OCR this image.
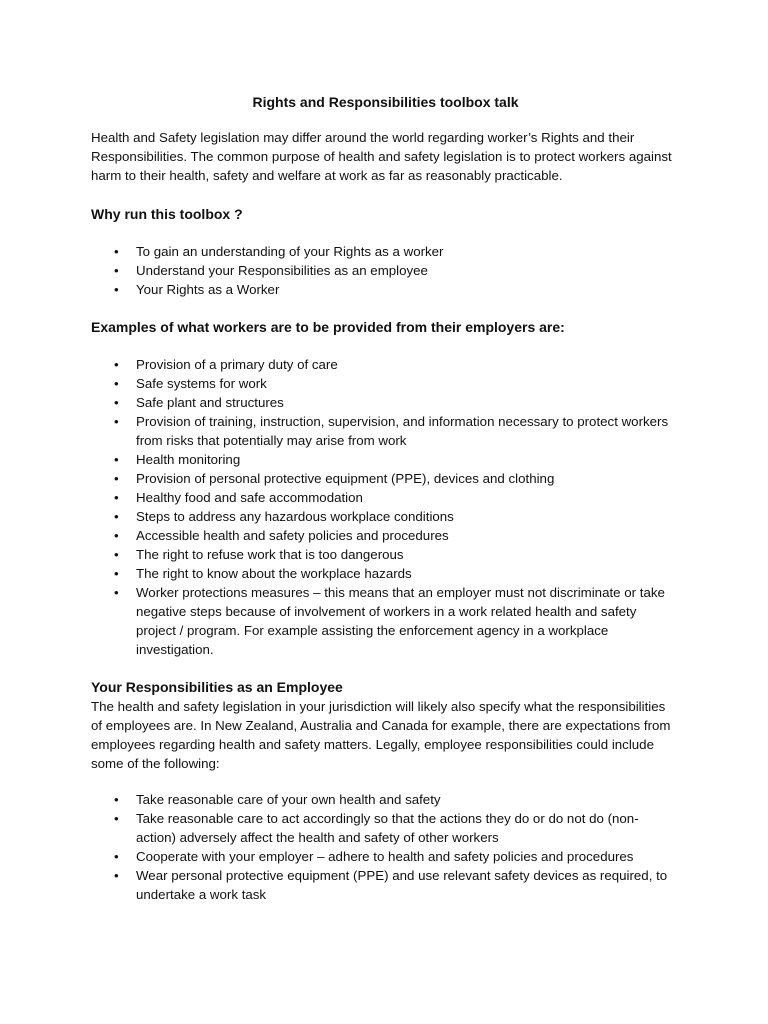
Rights and Responsibilities toolbox talk

Health and Safety legislation may differ around the world regarding worker’s Rights and their Responsibilities. The common purpose of health and safety legislation is to protect workers against harm to their health, safety and welfare at work as far as reasonably practicable.

Why run this toolbox ?
• To gain an understanding of your Rights as a worker
• Understand your Responsibilities as an employee
• Your Rights as a Worker
Examples of what workers are to be provided from their employers are:
• Provision of a primary duty of care
• Safe systems for work
• Safe plant and structures
• Provision of training, instruction, supervision, and information necessary to protect workers from risks that potentially may arise from work
• Health monitoring
• Provision of personal protective equipment (PPE), devices and clothing
• Healthy food and safe accommodation
• Steps to address any hazardous workplace conditions
• Accessible health and safety policies and procedures
• The right to refuse work that is too dangerous
• The right to know about the workplace hazards
• Worker protections measures – this means that an employer must not discriminate or take negative steps because of involvement of workers in a work related health and safety project / program. For example assisting the enforcement agency in a workplace investigation.
Your Responsibilities as an Employee

The health and safety legislation in your jurisdiction will likely also specify what the responsibilities of employees are. In New Zealand, Australia and Canada for example, there are expectations from employees regarding health and safety matters. Legally, employee responsibilities could include some of the following:

• Take reasonable care of your own health and safety
• Take reasonable care to act accordingly so that the actions they do or do not do (non-action) adversely affect the health and safety of other workers
• Cooperate with your employer – adhere to health and safety policies and procedures
• Wear personal protective equipment (PPE) and use relevant safety devices as required, to undertake a work task
